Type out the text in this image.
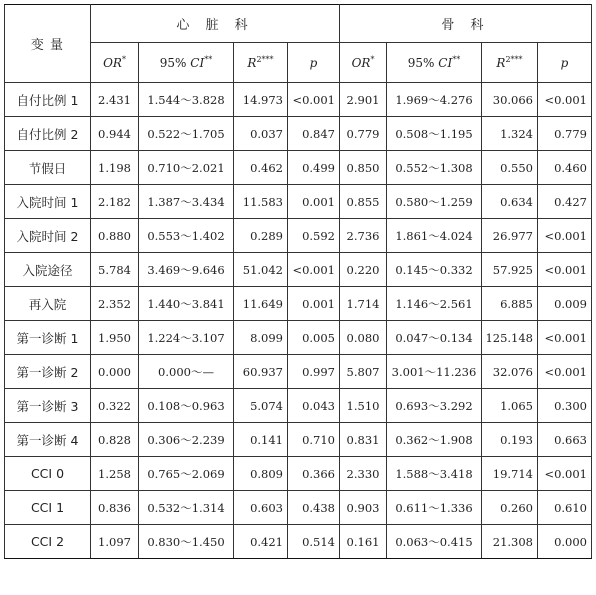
变 量	心 脏 科				骨 科			
	OR*	95% CI**	$R^{2***}$	p	OR*	95% CI**	$R^{2***}$	p
自付比例 1	2.431	1.544～3.828	14.973	<0.001	2.901	1.969～4.276	30.066	<0.001
自付比例 2	0.944	0.522～1.705	0.037	0.847	0.779	0.508～1.195	1.324	0.779
节假日	1.198	0.710～2.021	0.462	0.499	0.850	0.552～1.308	0.550	0.460
入院时间 1	2.182	1.387～3.434	11.583	0.001	0.855	0.580～1.259	0.634	0.427
入院时间 2	0.880	0.553～1.402	0.289	0.592	2.736	1.861～4.024	26.977	<0.001
入院途径	5.784	3.469～9.646	51.042	<0.001	0.220	0.145～0.332	57.925	<0.001
再入院	2.352	1.440～3.841	11.649	0.001	1.714	1.146～2.561	6.885	0.009
第一诊断 1	1.950	1.224～3.107	8.099	0.005	0.080	0.047～0.134	125.148	<0.001
第一诊断 2	0.000	0.000～—	60.937	0.997	5.807	3.001～11.236	32.076	<0.001
第一诊断 3	0.322	0.108～0.963	5.074	0.043	1.510	0.693～3.292	1.065	0.300
第一诊断 4	0.828	0.306～2.239	0.141	0.710	0.831	0.362～1.908	0.193	0.663
CCI 0	1.258	0.765～2.069	0.809	0.366	2.330	1.588～3.418	19.714	<0.001
CCI 1	0.836	0.532～1.314	0.603	0.438	0.903	0.611～1.336	0.260	0.610
CCI 2	1.097	0.830～1.450	0.421	0.514	0.161	0.063～0.415	21.308	0.000
